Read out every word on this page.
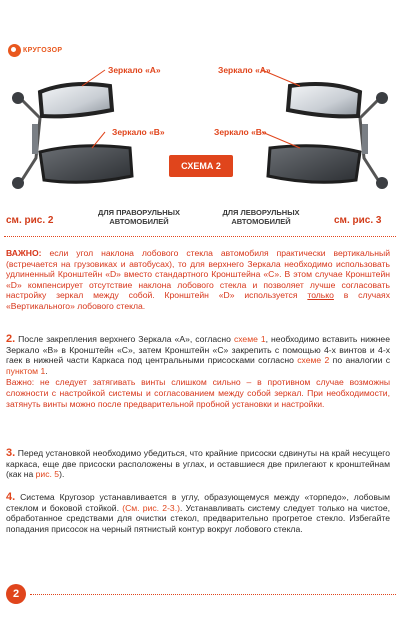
КРУГОЗОР
Зеркало «А»
Зеркало «В»
Зеркало «А»
Зеркало «В»
СХЕМА 2
см. рис. 2
ДЛЯ ПРАВОРУЛЬНЫХ
АВТОМОБИЛЕЙ
ДЛЯ ЛЕВОРУЛЬНЫХ
АВТОМОБИЛЕЙ	см. рис. 3
ВАЖНО: если угол наклона лобового стекла автомобиля практически вертикальный (встречается на грузовиках и автобусах), то для верхнего Зеркала необходимо использовать удлиненный Кронштейн «D» вместо стандартного Кронштейна «С». В этом случае Кронштейн «D» компенсирует отсутствие наклона лобового стекла и позволяет лучше согласовать настройку зеркал между собой. Кронштейн «D» используется только в случаях «Вертикального» лобового стекла.
2. После закрепления верхнего Зеркала «А», согласно схеме 1, необходимо вставить нижнее Зеркало «В» в Кронштейн «С», затем Кронштейн «С» закрепить с помощью 4-х винтов и 4-х гаек в нижней части Каркаса под центральными присосками согласно схеме 2 по аналогии с пунктом 1.
Важно: не следует затягивать винты слишком сильно – в противном случае возможны сложности с настройкой системы и согласованием между собой зеркал. При необходимости, затянуть винты можно после предварительной пробной установки и настройки.
3. Перед установкой необходимо убедиться, что крайние присоски сдвинуты на край несущего каркаса, еще две присоски расположены в углах, и оставшиеся две прилегают к кронштейнам (как на рис. 5).
4. Система Кругозор устанавливается в углу, образующемуся между «торпедо», лобовым стеклом и боковой стойкой. (См. рис. 2-3.). Устанавливать систему следует только на чистое, обработанное средствами для очистки стекол, предварительно прогретое стекло. Избегайте попадания присосок на черный пятнистый контур вокруг лобового стекла.
2
